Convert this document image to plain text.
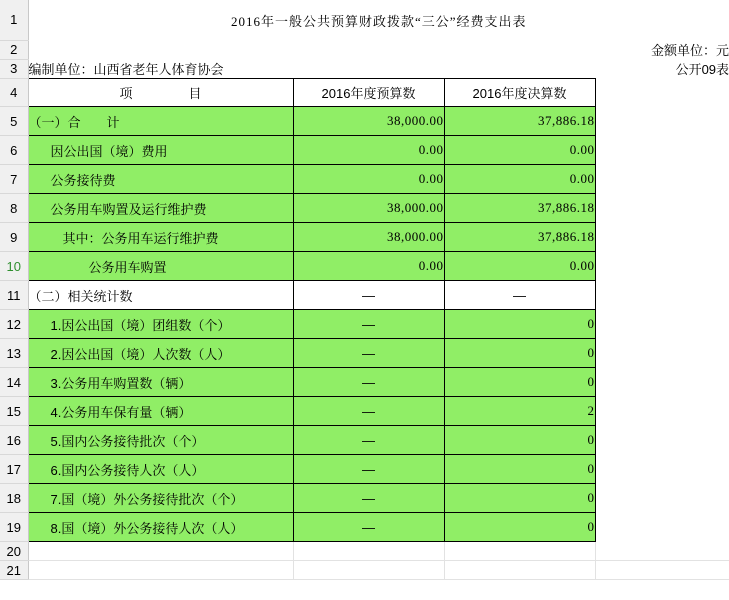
1	2016年一般公共预算财政拨款“三公”经费支出表			
2			金额单位：元	
3	编制单位：山西省老年人体育协会		公开09表	
4	项　　目	2016年度预算数	2016年度决算数	
5	（一）合　　计	38,000.00	37,886.18	
6	因公出国（境）费用	0.00	0.00	
7	公务接待费	0.00	0.00	
8	公务用车购置及运行维护费	38,000.00	37,886.18	
9	其中：公务用车运行维护费	38,000.00	37,886.18	
10	公务用车购置	0.00	0.00	
11	（二）相关统计数	—	—	
12	1.因公出国（境）团组数（个）	—	0	
13	2.因公出国（境）人次数（人）	—	0	
14	3.公务用车购置数（辆）	—	0	
15	4.公务用车保有量（辆）	—	2	
16	5.国内公务接待批次（个）	—	0	
17	6.国内公务接待人次（人）	—	0	
18	7.国（境）外公务接待批次（个）	—	0	
19	8.国（境）外公务接待人次（人）	—	0	
20				
21				
